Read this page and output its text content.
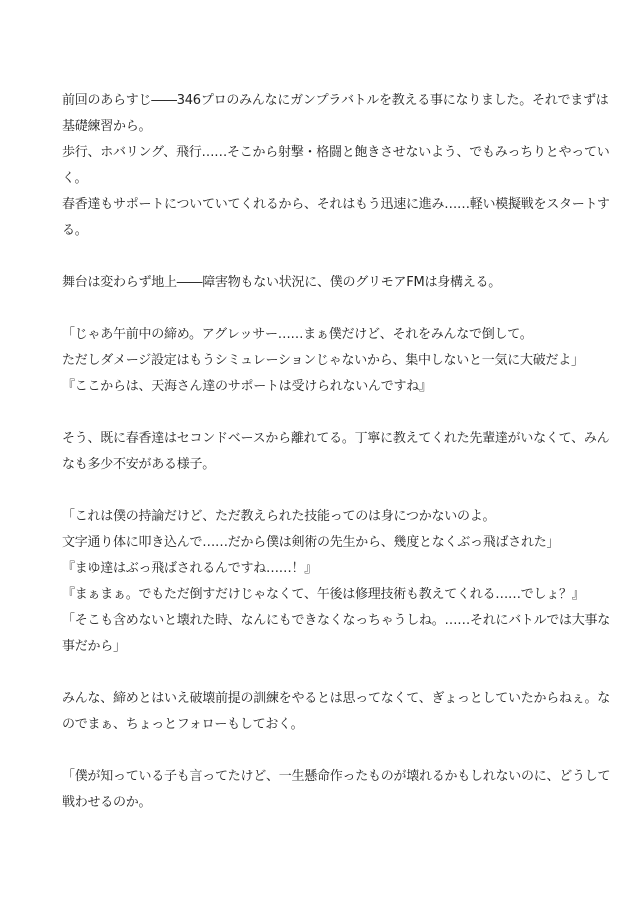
前回のあらすじ――346プロのみんなにガンプラバトルを教える事になりました。それでまずは
基礎練習から。
歩行、ホバリング、飛行……そこから射撃・格闘と飽きさせないよう、でもみっちりとやってい
く。
春香達もサポートについていてくれるから、それはもう迅速に進み……軽い模擬戦をスタートす
る。
舞台は変わらず地上――障害物もない状況に、僕のグリモアFMは身構える。
「じゃあ午前中の締め。アグレッサー……まぁ僕だけど、それをみんなで倒して。
ただしダメージ設定はもうシミュレーションじゃないから、集中しないと一気に大破だよ」
『ここからは、天海さん達のサポートは受けられないんですね』
そう、既に春香達はセコンドベースから離れてる。丁寧に教えてくれた先輩達がいなくて、みん
なも多少不安がある様子。
「これは僕の持論だけど、ただ教えられた技能ってのは身につかないのよ。
文字通り体に叩き込んで……だから僕は剣術の先生から、幾度となくぶっ飛ばされた」
『まゆ達はぶっ飛ばされるんですね……！』
『まぁまぁ。でもただ倒すだけじゃなくて、午後は修理技術も教えてくれる……でしょ？』
「そこも含めないと壊れた時、なんにもできなくなっちゃうしね。……それにバトルでは大事な
事だから」
みんな、締めとはいえ破壊前提の訓練をやるとは思ってなくて、ぎょっとしていたからねぇ。な
のでまぁ、ちょっとフォローもしておく。
「僕が知っている子も言ってたけど、一生懸命作ったものが壊れるかもしれないのに、どうして
戦わせるのか。
